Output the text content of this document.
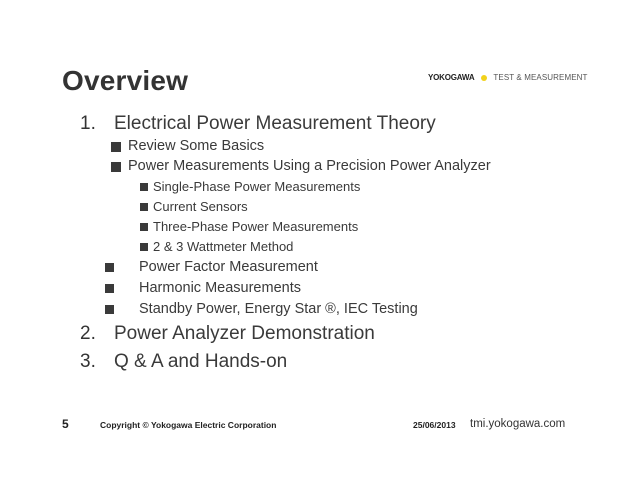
Overview	YOKOGAWA TEST & MEASUREMENT
1. Electrical Power Measurement Theory
Review Some Basics
Power Measurements Using a Precision Power Analyzer
Single-Phase Power Measurements
Current Sensors
Three-Phase Power Measurements
2 & 3 Wattmeter Method
Power Factor Measurement
Harmonic Measurements
Standby Power, Energy Star ®, IEC Testing
2. Power Analyzer Demonstration
3. Q & A and Hands-on
5	Copyright © Yokogawa Electric Corporation	25/06/2013 tmi.yokogawa.com
